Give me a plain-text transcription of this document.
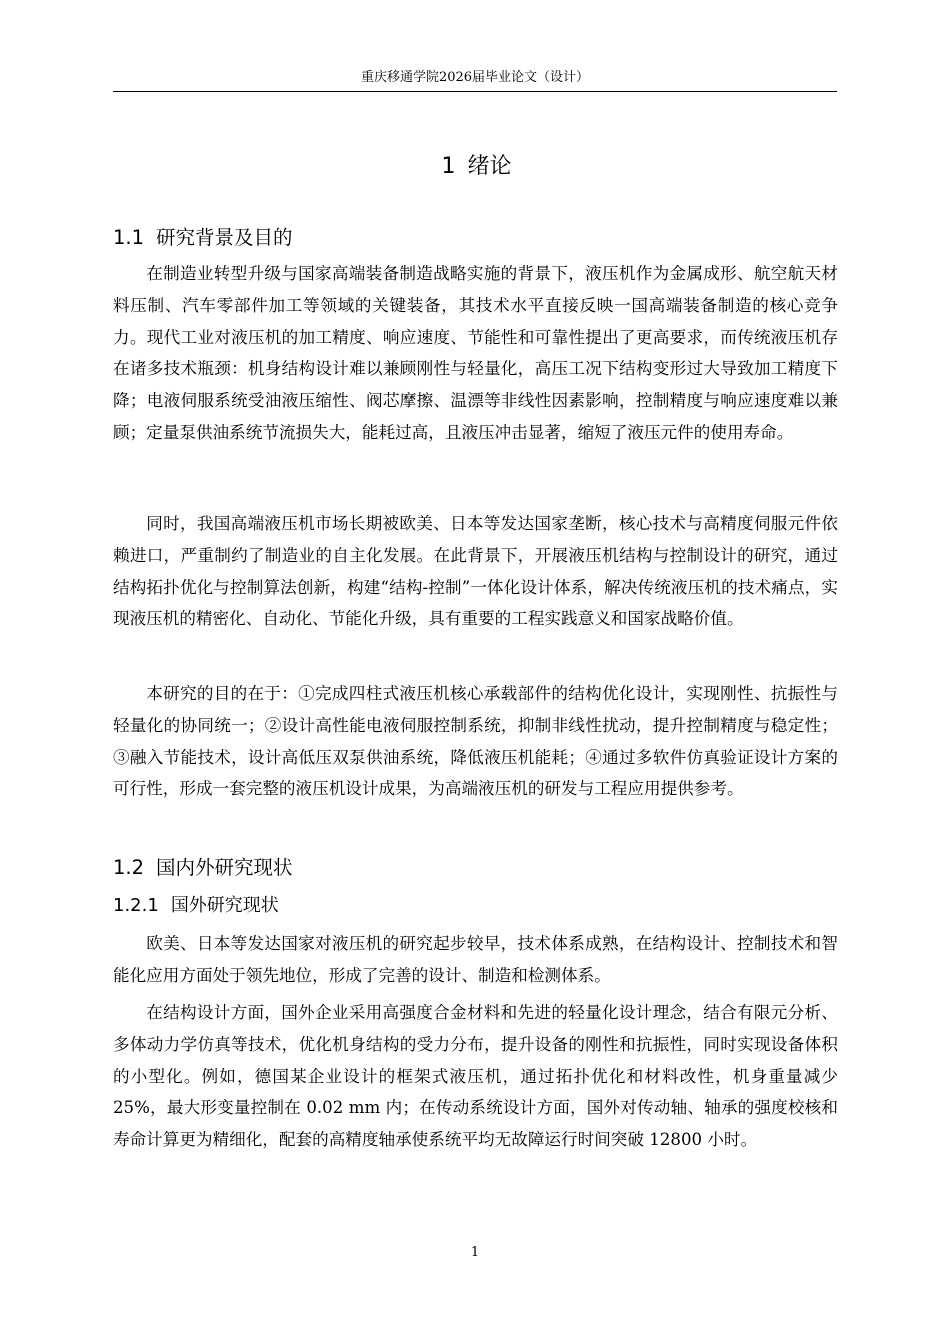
重庆移通学院2026届毕业论文（设计）
1 绪论
1.1 研究背景及目的

在制造业转型升级与国家高端装备制造战略实施的背景下，液压机作为金属成形、航空航天材料压制、汽车零部件加工等领域的关键装备，其技术水平直接反映一国高端装备制造的核心竞争力。现代工业对液压机的加工精度、响应速度、节能性和可靠性提出了更高要求，而传统液压机存在诸多技术瓶颈：机身结构设计难以兼顾刚性与轻量化，高压工况下结构变形过大导致加工精度下降；电液伺服系统受油液压缩性、阀芯摩擦、温漂等非线性因素影响，控制精度与响应速度难以兼顾；定量泵供油系统节流损失大，能耗过高，且液压冲击显著，缩短了液压元件的使用寿命。

同时，我国高端液压机市场长期被欧美、日本等发达国家垄断，核心技术与高精度伺服元件依赖进口，严重制约了制造业的自主化发展。在此背景下，开展液压机结构与控制设计的研究，通过结构拓扑优化与控制算法创新，构建“结构-控制”一体化设计体系，解决传统液压机的技术痛点，实现液压机的精密化、自动化、节能化升级，具有重要的工程实践意义和国家战略价值。

本研究的目的在于：①完成四柱式液压机核心承载部件的结构优化设计，实现刚性、抗振性与轻量化的协同统一；②设计高性能电液伺服控制系统，抑制非线性扰动，提升控制精度与稳定性；③融入节能技术，设计高低压双泵供油系统，降低液压机能耗；④通过多软件仿真验证设计方案的可行性，形成一套完整的液压机设计成果，为高端液压机的研发与工程应用提供参考。

1.2 国内外研究现状
1.2.1 国外研究现状

欧美、日本等发达国家对液压机的研究起步较早，技术体系成熟，在结构设计、控制技术和智能化应用方面处于领先地位，形成了完善的设计、制造和检测体系。

在结构设计方面，国外企业采用高强度合金材料和先进的轻量化设计理念，结合有限元分析、多体动力学仿真等技术，优化机身结构的受力分布，提升设备的刚性和抗振性，同时实现设备体积的小型化。例如，德国某企业设计的框架式液压机，通过拓扑优化和材料改性，机身重量减少 25%，最大形变量控制在 0.02 mm 内；在传动系统设计方面，国外对传动轴、轴承的强度校核和寿命计算更为精细化，配套的高精度轴承使系统平均无故障运行时间突破 12800 小时。

1
